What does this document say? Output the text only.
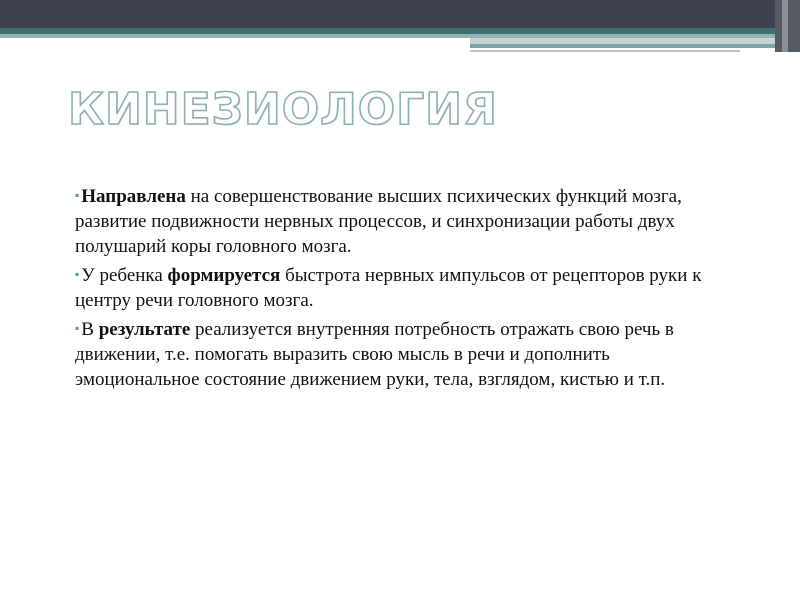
КИНЕЗИОЛОГИЯ

▪ Направлена на совершенствование высших психических функций мозга, развитие подвижности нервных процессов, и синхронизации работы двух полушарий коры головного мозга.

▪ У ребенка формируется быстрота нервных импульсов от рецепторов руки к центру речи головного мозга.

▪ В результате реализуется внутренняя потребность отражать свою речь в движении, т.е. помогать выразить свою мысль в речи и дополнить эмоциональное состояние движением руки, тела, взглядом, кистью и т.п.
